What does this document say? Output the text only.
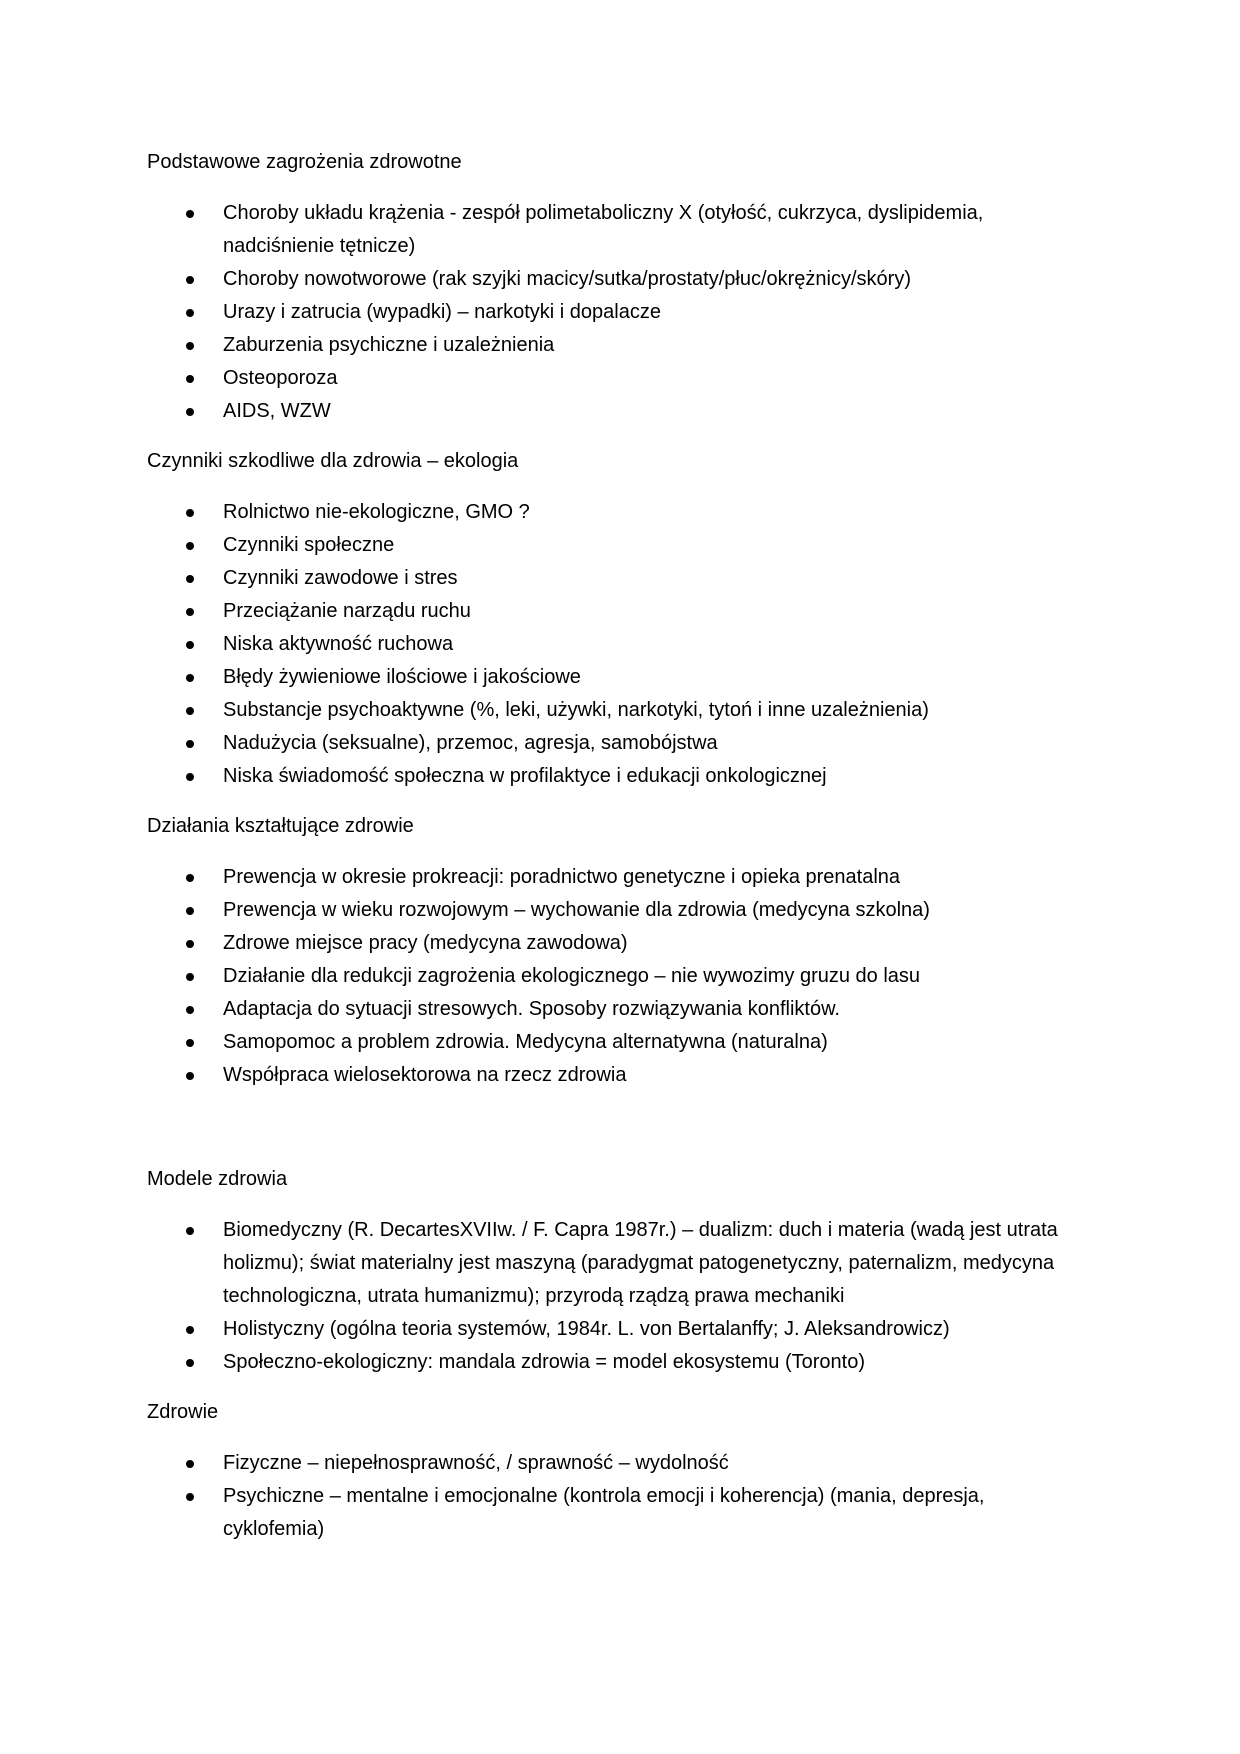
Podstawowe zagrożenia zdrowotne

Choroby układu krążenia - zespół polimetaboliczny X (otyłość, cukrzyca, dyslipidemia, nadciśnienie tętnicze)
Choroby nowotworowe (rak szyjki macicy/sutka/prostaty/płuc/okrężnicy/skóry)
Urazy i zatrucia (wypadki) – narkotyki i dopalacze
Zaburzenia psychiczne i uzależnienia
Osteoporoza
AIDS, WZW

Czynniki szkodliwe dla zdrowia – ekologia

Rolnictwo nie-ekologiczne, GMO ?
Czynniki społeczne
Czynniki zawodowe i stres
Przeciążanie narządu ruchu
Niska aktywność ruchowa
Błędy żywieniowe ilościowe i jakościowe
Substancje psychoaktywne (%, leki, używki, narkotyki, tytoń i inne uzależnienia)
Nadużycia (seksualne), przemoc, agresja, samobójstwa
Niska świadomość społeczna w profilaktyce i edukacji onkologicznej

Działania kształtujące zdrowie

Prewencja w okresie prokreacji: poradnictwo genetyczne i opieka prenatalna
Prewencja w wieku rozwojowym – wychowanie dla zdrowia (medycyna szkolna)
Zdrowe miejsce pracy (medycyna zawodowa)
Działanie dla redukcji zagrożenia ekologicznego – nie wywozimy gruzu do lasu
Adaptacja do sytuacji stresowych. Sposoby rozwiązywania konfliktów.
Samopomoc a problem zdrowia. Medycyna alternatywna (naturalna)
Współpraca wielosektorowa na rzecz zdrowia

Modele zdrowia

Biomedyczny (R. DecartesXVIIw. / F. Capra 1987r.) – dualizm: duch i materia (wadą jest utrata holizmu); świat materialny jest maszyną (paradygmat patogenetyczny, paternalizm, medycyna technologiczna, utrata humanizmu); przyrodą rządzą prawa mechaniki
Holistyczny (ogólna teoria systemów, 1984r. L. von Bertalanffy; J. Aleksandrowicz)
Społeczno-ekologiczny: mandala zdrowia = model ekosystemu (Toronto)

Zdrowie

Fizyczne – niepełnosprawność, / sprawność – wydolność
Psychiczne – mentalne i emocjonalne (kontrola emocji i koherencja) (mania, depresja, cyklofemia)
